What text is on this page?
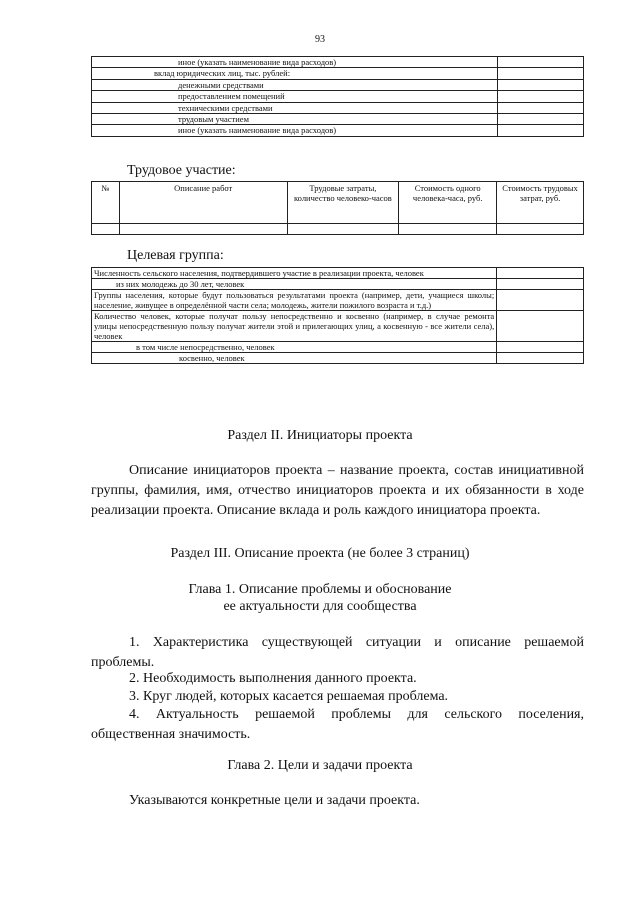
93
иное (указать наименование вида расходов)	
вклад юридических лиц, тыс. рублей:	
денежными средствами	
предоставлением помещений	
техническими средствами	
трудовым участием	
иное (указать наименование вида расходов)	
Трудовое участие:
№	Описание работ	Трудовые затраты, количество человеко-часов	Стоимость одного человека-часа, руб.	Стоимость трудовых затрат, руб.

Целевая группа:
Численность сельского населения, подтвердившего участие в реализации проекта, человек	
из них молодежь до 30 лет, человек	
Группы населения, которые будут пользоваться результатами проекта (например, дети, учащиеся школы; население, живущее в определённой части села; молодежь, жители пожилого возраста и т.д.)	
Количество человек, которые получат пользу непосредственно и косвенно (например, в случае ремонта улицы непосредственную пользу получат жители этой и прилегающих улиц, а косвенную - все жители села), человек	
в том числе непосредственно, человек	
косвенно, человек	
Раздел II. Инициаторы проекта
Описание инициаторов проекта – название проекта, состав инициативной группы, фамилия, имя, отчество инициаторов проекта и их обязанности в ходе реализации проекта. Описание вклада и роль каждого инициатора проекта.
Раздел III. Описание проекта (не более 3 страниц)
Глава 1. Описание проблемы и обоснование
ее актуальности для сообщества
1. Характеристика существующей ситуации и описание решаемой проблемы.
2. Необходимость выполнения данного проекта.
3. Круг людей, которых касается решаемая проблема.
4. Актуальность решаемой проблемы для сельского поселения, общественная значимость.
Глава 2. Цели и задачи проекта
Указываются конкретные цели и задачи проекта.
